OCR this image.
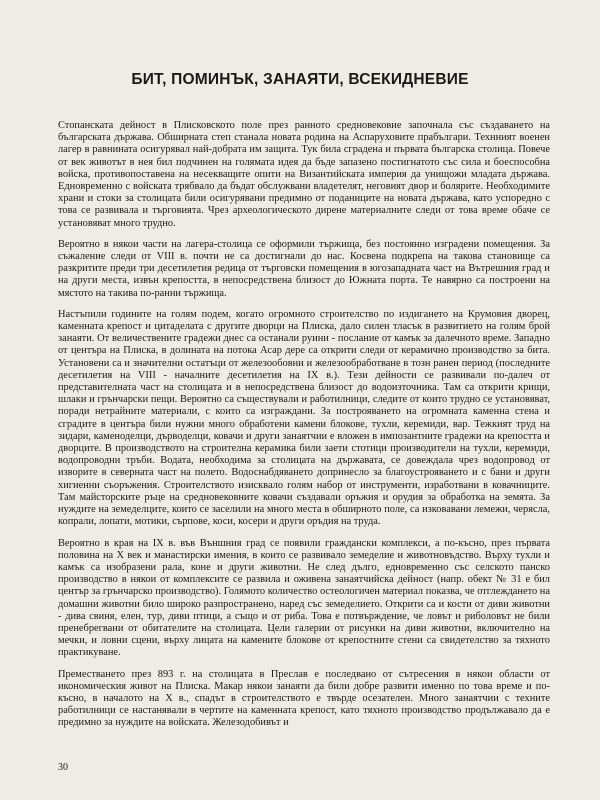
БИТ, ПОМИНЪК, ЗАНАЯТИ, ВСЕКИДНЕВИЕ

Стопанската дейност в Плисковското поле през ранното средновековие започнала със създаването на българската държава. Обширната степ станала новата родина на Аспаруховите прабългари. Технният военен лагер в равнината осигурявал най-добрата им защита. Тук била сградена и първата българска столица. Повече от век животът в нея бил подчинен на голямата идея да бъде запазено постигнатото със сила и боеспособна войска, противопоставена на несекващите опити на Византийската империя да унищожи младата държава. Едновременно с войската трябвало да бъдат обслужвани владетелят, неговият двор и болярите. Необходимите храни и стоки за столицата били осигурявани предимно от поданиците на новата държава, като успоредно с това се развивала и търговията. Чрез археологическото дирене материалните следи от това време обаче се установяват много трудно.

Вероятно в някои части на лагера-столица се оформили тържища, без постоянно изградени помещения. За съжаление следи от VIII в. почти не са достигнали до нас. Косвена подкрепа на такова становище са разкритите преди три десетилетия редица от търговски помещения в югозападната част на Вътрешния град и на други места, извън крепостта, в непосредствена близост до Южната порта. Те навярно са построени на мястото на такива по-ранни тържища.

Настъпили годините на голям подем, когато огромното строителство по издигането на Крумовия дворец, каменната крепост и цитаделата с другите дворци на Плиска, дало силен тласък в развитието на голям брой занаяти. От величествените градежи днес са останали руини - послание от камък за далечното време. Западно от центъра на Плиска, в долината на потока Асар дере са открити следи от керамично производство за бита. Установени са и значителни остатъци от железообовни и железообработване в тозн ранен период (последните десетилетия на VIII - началните десетилетия на IX в.). Тези дейности се развивали по-далеч от представителната част на столицата и в непосредствена близост до водоизточника. Там са открити крищи, шлаки и грънчарски пещи. Вероятно са съществували и работилници, следите от които трудно се установяват, поради нетрайните материали, с които са изграждани. За построяването на огромната каменна стена и сградите в центъра били нужни много обработени камени блокове, тухли, керемиди, вар. Тежкият труд на зидари, каменоделци, дърводелци, ковачи и други занаятчии е вложен в импозантните градежи на крепостта и дворците. В производството на строителна керамика били заети стотици производители на тухли, керемиди, водопроводни тръби. Водата, необходима за столицата на държавата, се довеждала чрез водопровод от изворите в северната част на полето. Водоснабдяването допринесло за благоустрояването и с бани и други хигиенни съоръжения. Строителството изисквало голям набор от инструменти, изработвани в ковачниците. Там майсторските ръце на средновековните ковачи създавали оръжия и орудия за обработка на земята. За нуждите на земеделците, които се заселили на много места в обширното поле, са изковавани лемежи, черясла, копрали, лопати, мотики, сърпове, коси, косери и други оръдия на труда.

Вероятно в края на IX в. във Външния град се появили граждански комплекси, а по-късно, през първата половина на X век и манастирски имения, в които се развивало земеделие и животновъдство. Върху тухли и камък са изобразени рала, коне и други животни. Не след дълго, едновременно със селското панско производство в някои от комплексите се развила и оживена занаятчийска дейност (напр. обект № 31 е бил център за грънчарско производство). Голямото количество остеологичен материал показва, че отглеждането на домашни животни било широко разпространено, наред със земеделието. Открити са и кости от диви животни - дива свиня, елен, тур, диви птици, а също и от риба. Това е потвърждение, че ловът и риболовът не били пренебрегвани от обитателите на столицата. Цели галерии от рисунки на диви животни, включително на мечки, и ловни сцени, върху лицата на камените блокове от крепостните стени са свидетелство за тяхното практикуване.

Преместването през 893 г. на столицата в Преслав е последвано от сътресения в някои области от икономическия живот на Плиска. Макар някои занаяти да били добре развити именно по това време и по-късно, в началото на X в., спадът в строителството е твърде осезателен. Много занаятчии с техните работилници се настанявали в чертите на каменната крепост, като тяхното производство продължавало да е предимно за нуждите на войската. Железодобивът и

30
